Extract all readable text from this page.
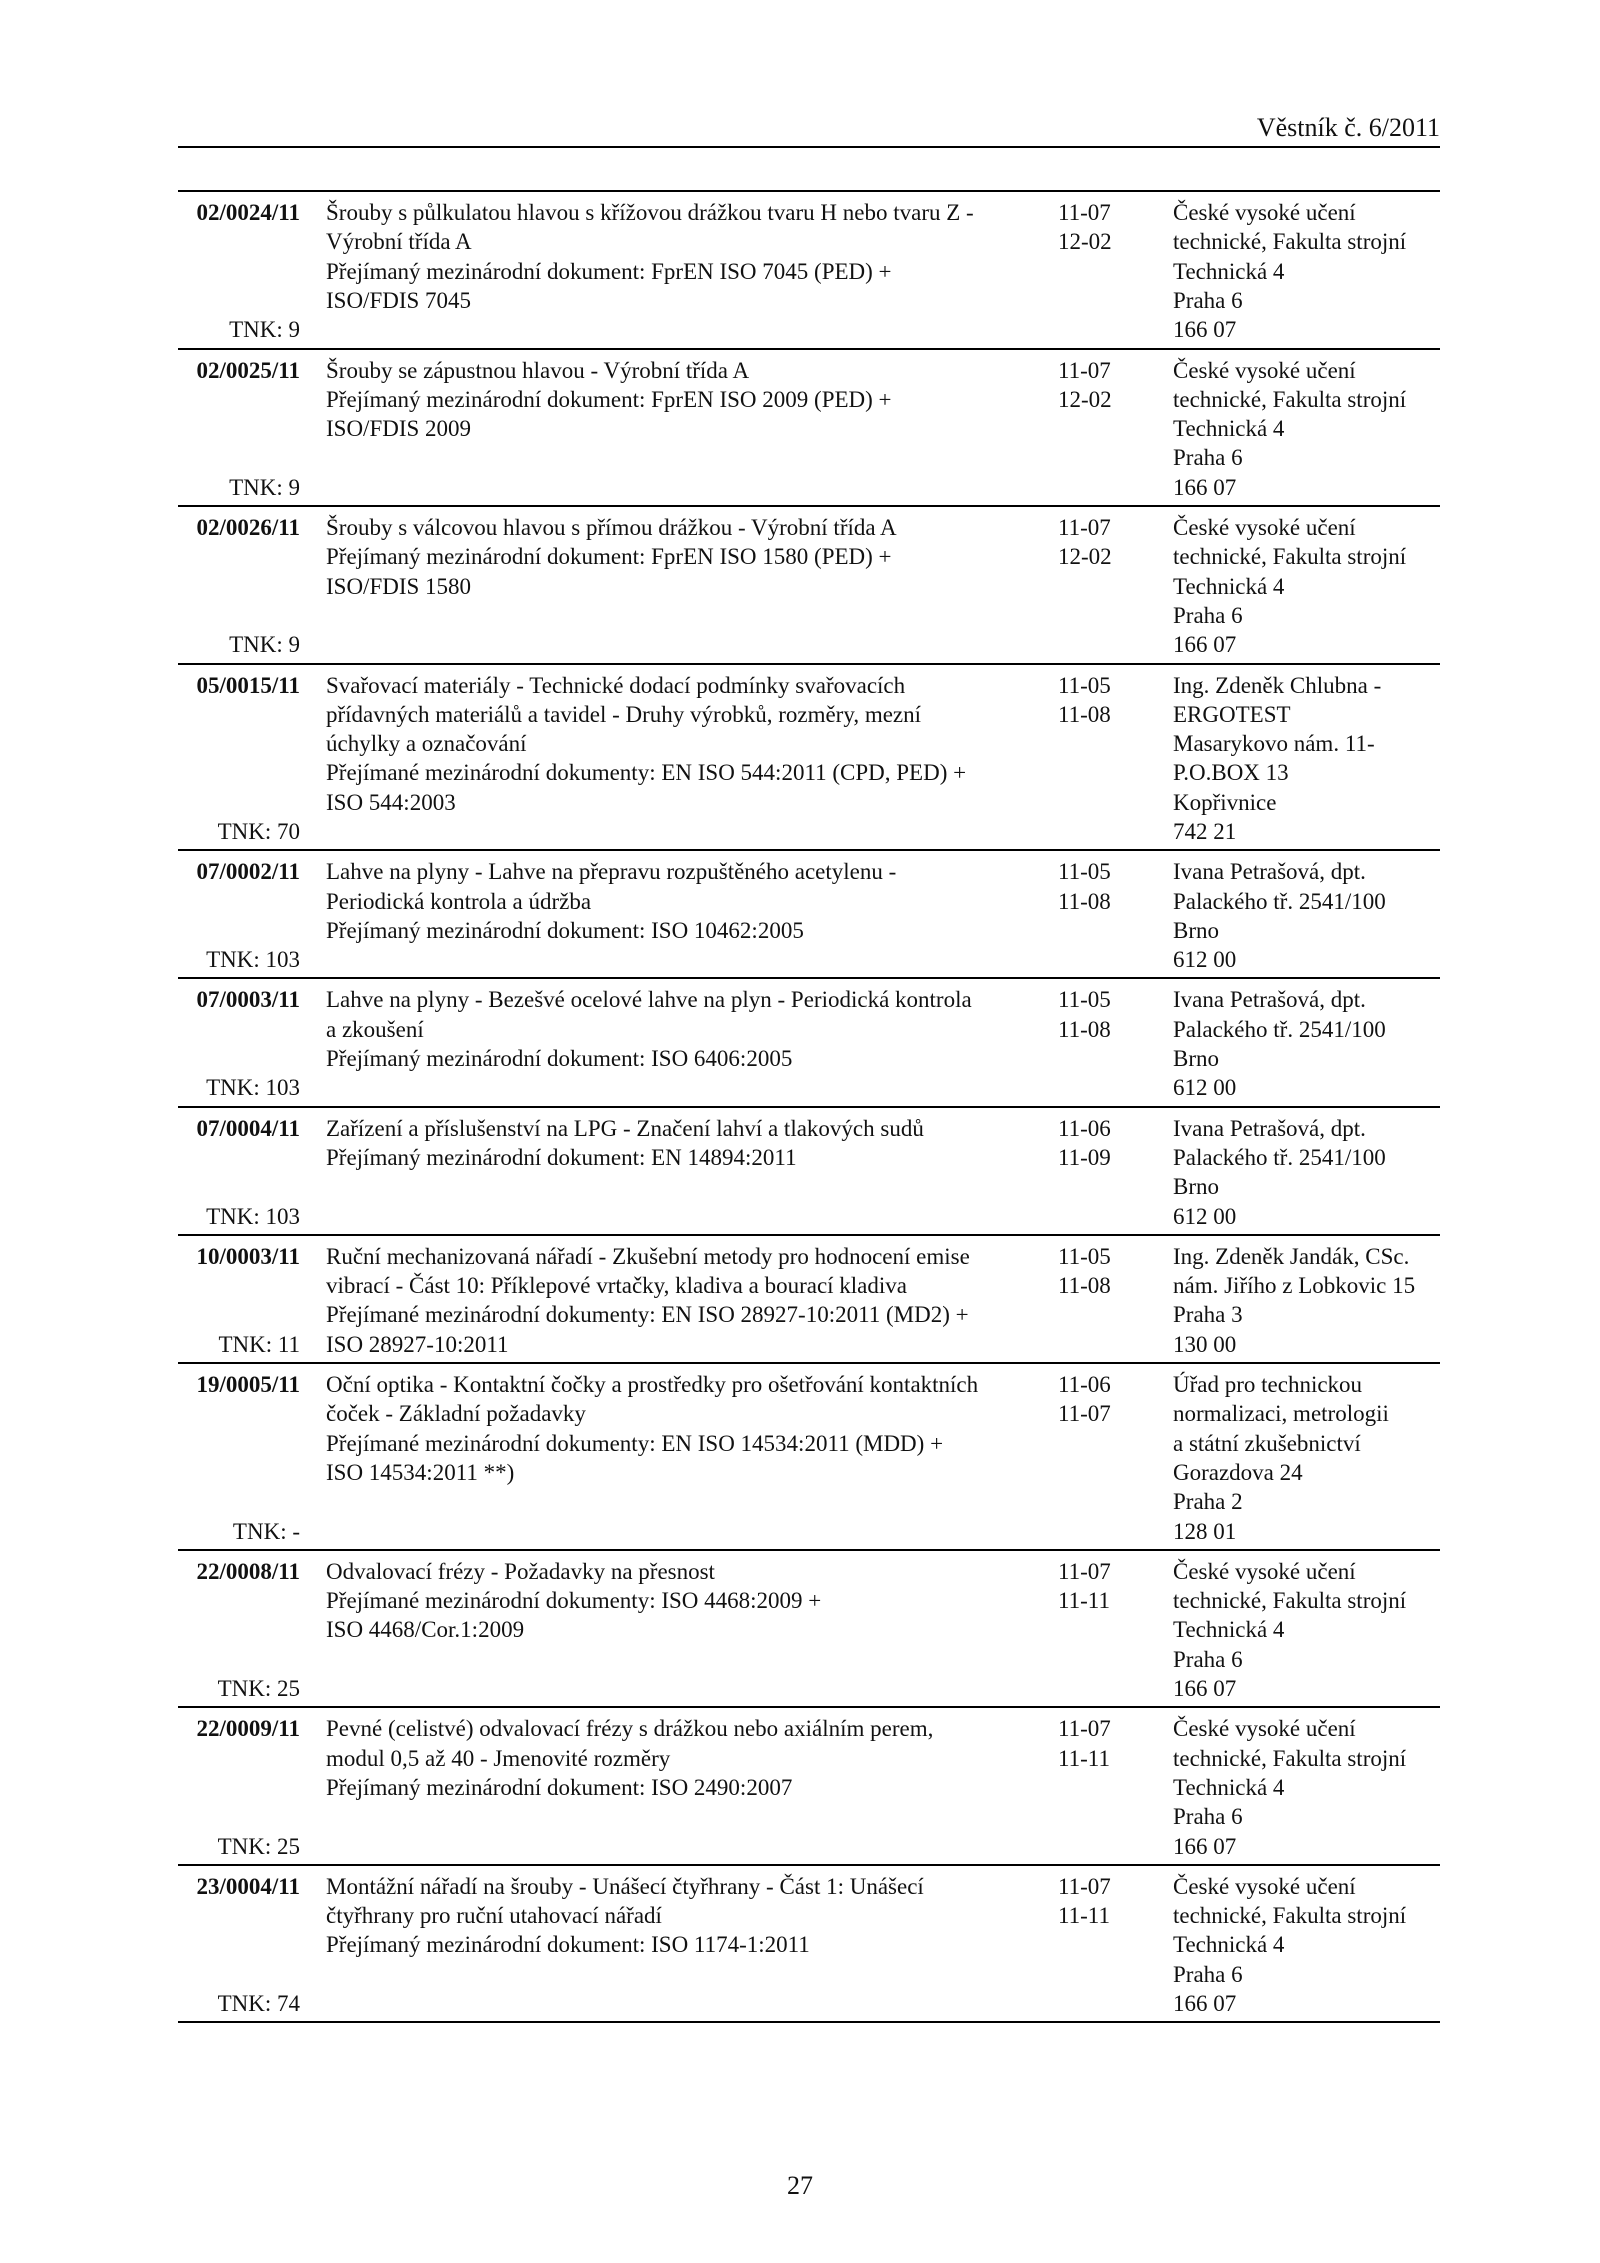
Věstník č. 6/2011
02/0024/11
TNK: 9
Šrouby s půlkulatou hlavou s křížovou drážkou tvaru H nebo tvaru Z -
Výrobní třída A
Přejímaný mezinárodní dokument: FprEN ISO 7045 (PED) +
ISO/FDIS 7045
11-07
12-02
České vysoké učení
technické, Fakulta strojní
Technická 4
Praha 6
166 07
02/0025/11
TNK: 9
Šrouby se zápustnou hlavou - Výrobní třída A
Přejímaný mezinárodní dokument: FprEN ISO 2009 (PED) +
ISO/FDIS 2009
11-07
12-02
České vysoké učení
technické, Fakulta strojní
Technická 4
Praha 6
166 07
02/0026/11
TNK: 9
Šrouby s válcovou hlavou s přímou drážkou - Výrobní třída A
Přejímaný mezinárodní dokument: FprEN ISO 1580 (PED) +
ISO/FDIS 1580
11-07
12-02
České vysoké učení
technické, Fakulta strojní
Technická 4
Praha 6
166 07
05/0015/11
TNK: 70
Svařovací materiály - Technické dodací podmínky svařovacích
přídavných materiálů a tavidel - Druhy výrobků, rozměry, mezní
úchylky a označování
Přejímané mezinárodní dokumenty: EN ISO 544:2011 (CPD, PED) +
ISO 544:2003
11-05
11-08
Ing. Zdeněk Chlubna -
ERGOTEST
Masarykovo nám. 11-
P.O.BOX 13
Kopřivnice
742 21
07/0002/11
TNK: 103
Lahve na plyny - Lahve na přepravu rozpuštěného acetylenu -
Periodická kontrola a údržba
Přejímaný mezinárodní dokument: ISO 10462:2005
11-05
11-08
Ivana Petrašová, dpt.
Palackého tř. 2541/100
Brno
612 00
07/0003/11
TNK: 103
Lahve na plyny - Bezešvé ocelové lahve na plyn - Periodická kontrola
a zkoušení
Přejímaný mezinárodní dokument: ISO 6406:2005
11-05
11-08
Ivana Petrašová, dpt.
Palackého tř. 2541/100
Brno
612 00
07/0004/11
TNK: 103
Zařízení a příslušenství na LPG - Značení lahví a tlakových sudů
Přejímaný mezinárodní dokument: EN 14894:2011
11-06
11-09
Ivana Petrašová, dpt.
Palackého tř. 2541/100
Brno
612 00
10/0003/11
TNK: 11
Ruční mechanizovaná nářadí - Zkušební metody pro hodnocení emise
vibrací - Část 10: Příklepové vrtačky, kladiva a bourací kladiva
Přejímané mezinárodní dokumenty: EN ISO 28927-10:2011 (MD2) +
ISO 28927-10:2011
11-05
11-08
Ing. Zdeněk Jandák, CSc.
nám. Jiřího z Lobkovic 15
Praha 3
130 00
19/0005/11
TNK: -
Oční optika - Kontaktní čočky a prostředky pro ošetřování kontaktních
čoček - Základní požadavky
Přejímané mezinárodní dokumenty: EN ISO 14534:2011 (MDD) +
ISO 14534:2011 **)
11-06
11-07
Úřad pro technickou
normalizaci, metrologii
a státní zkušebnictví
Gorazdova 24
Praha 2
128 01
22/0008/11
TNK: 25
Odvalovací frézy - Požadavky na přesnost
Přejímané mezinárodní dokumenty: ISO 4468:2009 +
ISO 4468/Cor.1:2009
11-07
11-11
České vysoké učení
technické, Fakulta strojní
Technická 4
Praha 6
166 07
22/0009/11
TNK: 25
Pevné (celistvé) odvalovací frézy s drážkou nebo axiálním perem,
modul 0,5 až 40 - Jmenovité rozměry
Přejímaný mezinárodní dokument: ISO 2490:2007
11-07
11-11
České vysoké učení
technické, Fakulta strojní
Technická 4
Praha 6
166 07
23/0004/11
TNK: 74
Montážní nářadí na šrouby - Unášecí čtyřhrany - Část 1: Unášecí
čtyřhrany pro ruční utahovací nářadí
Přejímaný mezinárodní dokument: ISO 1174-1:2011
11-07
11-11
České vysoké učení
technické, Fakulta strojní
Technická 4
Praha 6
166 07
27
